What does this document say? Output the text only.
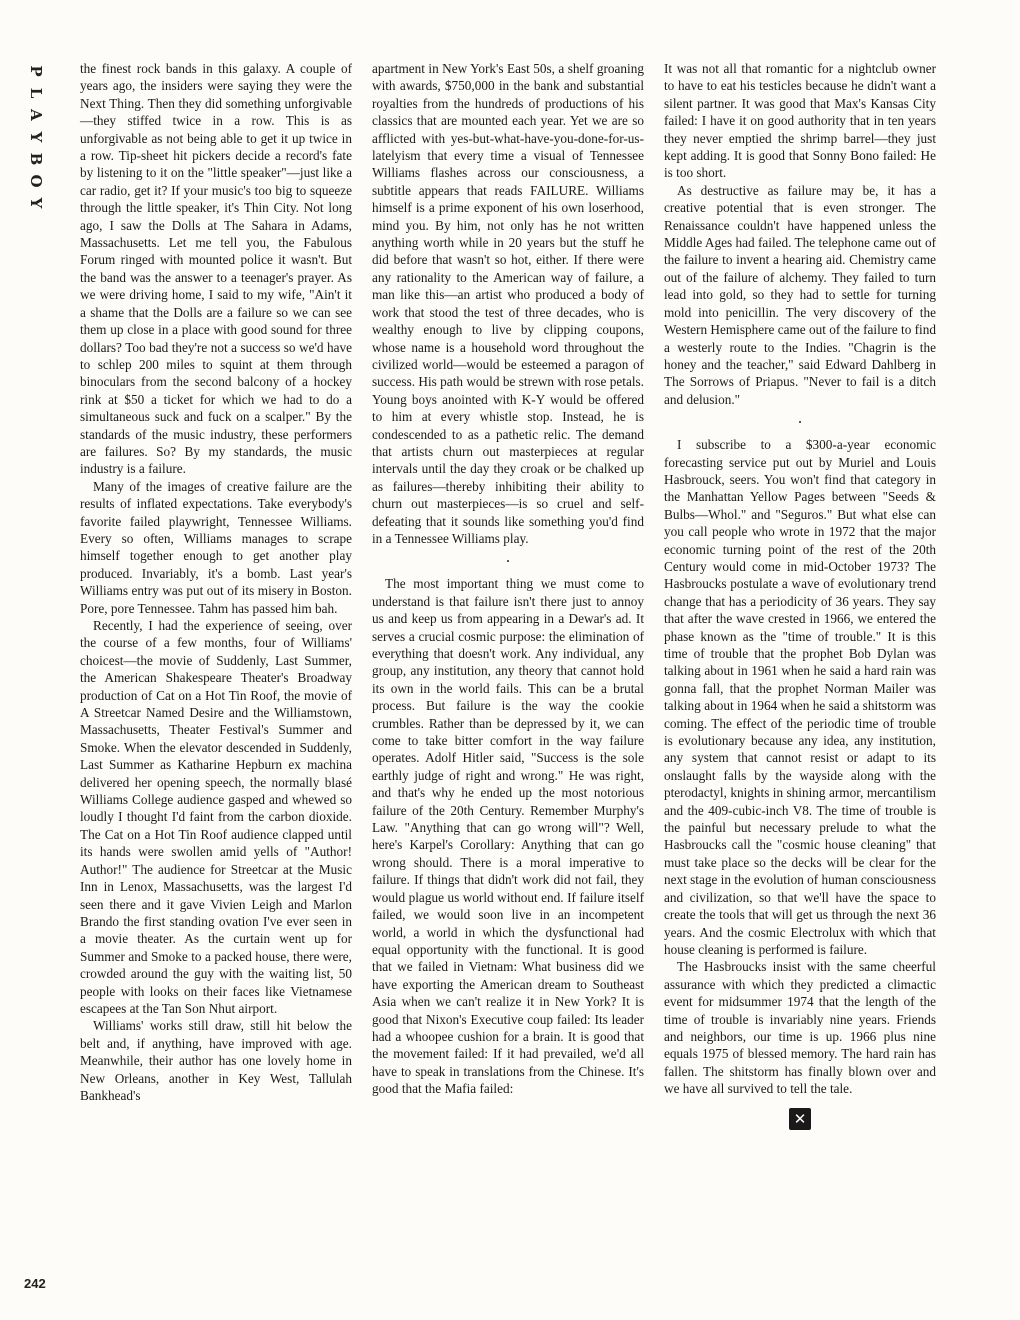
P
L
A
Y
B
O
Y
242

the finest rock bands in this galaxy. A couple of years ago, the insiders were saying they were the Next Thing. Then they did something unforgivable—they stiffed twice in a row. This is as unforgivable as not being able to get it up twice in a row. Tip-sheet hit pickers decide a record's fate by listening to it on the "little speaker"—just like a car radio, get it? If your music's too big to squeeze through the little speaker, it's Thin City. Not long ago, I saw the Dolls at The Sahara in Adams, Massachusetts. Let me tell you, the Fabulous Forum ringed with mounted police it wasn't. But the band was the answer to a teenager's prayer. As we were driving home, I said to my wife, "Ain't it a shame that the Dolls are a failure so we can see them up close in a place with good sound for three dollars? Too bad they're not a success so we'd have to schlep 200 miles to squint at them through binoculars from the second balcony of a hockey rink at $50 a ticket for which we had to do a simultaneous suck and fuck on a scalper." By the standards of the music industry, these performers are failures. So? By my standards, the music industry is a failure.

Many of the images of creative failure are the results of inflated expectations. Take everybody's favorite failed playwright, Tennessee Williams. Every so often, Williams manages to scrape himself together enough to get another play produced. Invariably, it's a bomb. Last year's Williams entry was put out of its misery in Boston. Pore, pore Tennessee. Tahm has passed him bah.

Recently, I had the experience of seeing, over the course of a few months, four of Williams' choicest—the movie of Suddenly, Last Summer, the American Shakespeare Theater's Broadway production of Cat on a Hot Tin Roof, the movie of A Streetcar Named Desire and the Williamstown, Massachusetts, Theater Festival's Summer and Smoke. When the elevator descended in Suddenly, Last Summer as Katharine Hepburn ex machina delivered her opening speech, the normally blasé Williams College audience gasped and whewed so loudly I thought I'd faint from the carbon dioxide. The Cat on a Hot Tin Roof audience clapped until its hands were swollen amid yells of "Author! Author!" The audience for Streetcar at the Music Inn in Lenox, Massachusetts, was the largest I'd seen there and it gave Vivien Leigh and Marlon Brando the first standing ovation I've ever seen in a movie theater. As the curtain went up for Summer and Smoke to a packed house, there were, crowded around the guy with the waiting list, 50 people with looks on their faces like Vietnamese escapees at the Tan Son Nhut airport.

Williams' works still draw, still hit below the belt and, if anything, have improved with age. Meanwhile, their author has one lovely home in New Orleans, another in Key West, Tallulah Bankhead's

apartment in New York's East 50s, a shelf groaning with awards, $750,000 in the bank and substantial royalties from the hundreds of productions of his classics that are mounted each year. Yet we are so afflicted with yes-but-what-have-you-done-for-us-latelyism that every time a visual of Tennessee Williams flashes across our consciousness, a subtitle appears that reads FAILURE. Williams himself is a prime exponent of his own loserhood, mind you. By him, not only has he not written anything worth while in 20 years but the stuff he did before that wasn't so hot, either. If there were any rationality to the American way of failure, a man like this—an artist who produced a body of work that stood the test of three decades, who is wealthy enough to live by clipping coupons, whose name is a household word throughout the civilized world—would be esteemed a paragon of success. His path would be strewn with rose petals. Young boys anointed with K-Y would be offered to him at every whistle stop. Instead, he is condescended to as a pathetic relic. The demand that artists churn out masterpieces at regular intervals until the day they croak or be chalked up as failures—thereby inhibiting their ability to churn out masterpieces—is so cruel and self-defeating that it sounds like something you'd find in a Tennessee Williams play.

•

The most important thing we must come to understand is that failure isn't there just to annoy us and keep us from appearing in a Dewar's ad. It serves a crucial cosmic purpose: the elimination of everything that doesn't work. Any individual, any group, any institution, any theory that cannot hold its own in the world fails. This can be a brutal process. But failure is the way the cookie crumbles. Rather than be depressed by it, we can come to take bitter comfort in the way failure operates. Adolf Hitler said, "Success is the sole earthly judge of right and wrong." He was right, and that's why he ended up the most notorious failure of the 20th Century. Remember Murphy's Law. "Anything that can go wrong will"? Well, here's Karpel's Corollary: Anything that can go wrong should. There is a moral imperative to failure. If things that didn't work did not fail, they would plague us world without end. If failure itself failed, we would soon live in an incompetent world, a world in which the dysfunctional had equal opportunity with the functional. It is good that we failed in Vietnam: What business did we have exporting the American dream to Southeast Asia when we can't realize it in New York? It is good that Nixon's Executive coup failed: Its leader had a whoopee cushion for a brain. It is good that the movement failed: If it had prevailed, we'd all have to speak in translations from the Chinese. It's good that the Mafia failed:

It was not all that romantic for a nightclub owner to have to eat his testicles because he didn't want a silent partner. It was good that Max's Kansas City failed: I have it on good authority that in ten years they never emptied the shrimp barrel—they just kept adding. It is good that Sonny Bono failed: He is too short.

As destructive as failure may be, it has a creative potential that is even stronger. The Renaissance couldn't have happened unless the Middle Ages had failed. The telephone came out of the failure to invent a hearing aid. Chemistry came out of the failure of alchemy. They failed to turn lead into gold, so they had to settle for turning mold into penicillin. The very discovery of the Western Hemisphere came out of the failure to find a westerly route to the Indies. "Chagrin is the honey and the teacher," said Edward Dahlberg in The Sorrows of Priapus. "Never to fail is a ditch and delusion."

•

I subscribe to a $300-a-year economic forecasting service put out by Muriel and Louis Hasbrouck, seers. You won't find that category in the Manhattan Yellow Pages between "Seeds & Bulbs—Whol." and "Seguros." But what else can you call people who wrote in 1972 that the major economic turning point of the rest of the 20th Century would come in mid-October 1973? The Hasbroucks postulate a wave of evolutionary trend change that has a periodicity of 36 years. They say that after the wave crested in 1966, we entered the phase known as the "time of trouble." It is this time of trouble that the prophet Bob Dylan was talking about in 1961 when he said a hard rain was gonna fall, that the prophet Norman Mailer was talking about in 1964 when he said a shitstorm was coming. The effect of the periodic time of trouble is evolutionary because any idea, any institution, any system that cannot resist or adapt to its onslaught falls by the wayside along with the pterodactyl, knights in shining armor, mercantilism and the 409-cubic-inch V8. The time of trouble is the painful but necessary prelude to what the Hasbroucks call the "cosmic house cleaning" that must take place so the decks will be clear for the next stage in the evolution of human consciousness and civilization, so that we'll have the space to create the tools that will get us through the next 36 years. And the cosmic Electrolux with which that house cleaning is performed is failure.

The Hasbroucks insist with the same cheerful assurance with which they predicted a climactic event for midsummer 1974 that the length of the time of trouble is invariably nine years. Friends and neighbors, our time is up. 1966 plus nine equals 1975 of blessed memory. The hard rain has fallen. The shitstorm has finally blown over and we have all survived to tell the tale.

✕
